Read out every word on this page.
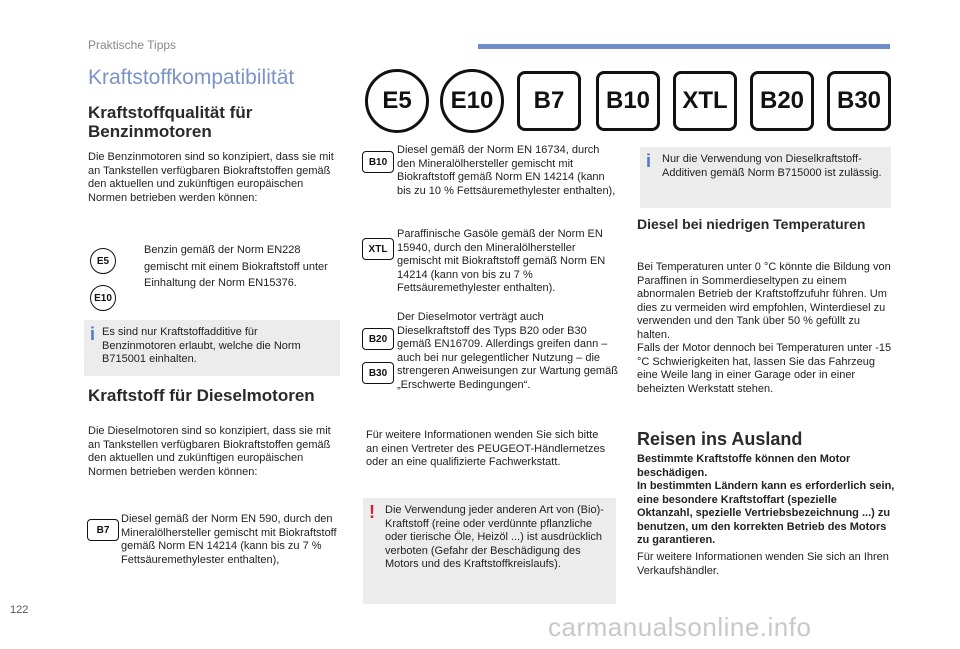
Praktische Tipps
Kraftstoffkompatibilität
E5 E10 B7 B10 XTL B20 B30
Kraftstoffqualität für Benzinmotoren
Die Benzinmotoren sind so konzipiert, dass sie mit an Tankstellen verfügbaren Biokraftstoffen gemäß den aktuellen und zukünftigen europäischen Normen betrieben werden können:
E5
E10
Benzin gemäß der Norm EN228 gemischt mit einem Biokraftstoff unter Einhaltung der Norm EN15376.
i Es sind nur Kraftstoffadditive für Benzinmotoren erlaubt, welche die Norm B715001 einhalten.
Kraftstoff für Dieselmotoren
Die Dieselmotoren sind so konzipiert, dass sie mit an Tankstellen verfügbaren Biokraftstoffen gemäß den aktuellen und zukünftigen europäischen Normen betrieben werden können:
B7
Diesel gemäß der Norm EN 590, durch den Mineralölhersteller gemischt mit Biokraftstoff gemäß Norm EN 14214 (kann bis zu 7 % Fettsäuremethylester enthalten),
B10
Diesel gemäß der Norm EN 16734, durch den Mineralölhersteller gemischt mit Biokraftstoff gemäß Norm EN 14214 (kann bis zu 10 % Fettsäuremethylester enthalten),
XTL
Paraffinische Gasöle gemäß der Norm EN 15940, durch den Mineralölhersteller gemischt mit Biokraftstoff gemäß Norm EN 14214 (kann von bis zu 7 % Fettsäuremethylester enthalten).
B20
B30
Der Dieselmotor verträgt auch Dieselkraftstoff des Typs B20 oder B30 gemäß EN16709. Allerdings greifen dann – auch bei nur gelegentlicher Nutzung – die strengeren Anweisungen zur Wartung gemäß „Erschwerte Bedingungen“.
Für weitere Informationen wenden Sie sich bitte an einen Vertreter des PEUGEOT-Händlernetzes oder an eine qualifizierte Fachwerkstatt.
! Die Verwendung jeder anderen Art von (Bio)-Kraftstoff (reine oder verdünnte pflanzliche oder tierische Öle, Heizöl ...) ist ausdrücklich verboten (Gefahr der Beschädigung des Motors und des Kraftstoffkreislaufs).
i Nur die Verwendung von Dieselkraftstoff-Additiven gemäß Norm B715000 ist zulässig.
Diesel bei niedrigen Temperaturen
Bei Temperaturen unter 0 °C könnte die Bildung von Paraffinen in Sommerdieseltypen zu einem abnormalen Betrieb der Kraftstoffzufuhr führen. Um dies zu vermeiden wird empfohlen, Winterdiesel zu verwenden und den Tank über 50 % gefüllt zu halten.
Falls der Motor dennoch bei Temperaturen unter -15 °C Schwierigkeiten hat, lassen Sie das Fahrzeug eine Weile lang in einer Garage oder in einer beheizten Werkstatt stehen.
Reisen ins Ausland
Bestimmte Kraftstoffe können den Motor beschädigen.
In bestimmten Ländern kann es erforderlich sein, eine besondere Kraftstoffart (spezielle Oktanzahl, spezielle Vertriebsbezeichnung ...) zu benutzen, um den korrekten Betrieb des Motors zu garantieren.
Für weitere Informationen wenden Sie sich an Ihren Verkaufshändler.
122
carmanualsonline.info
